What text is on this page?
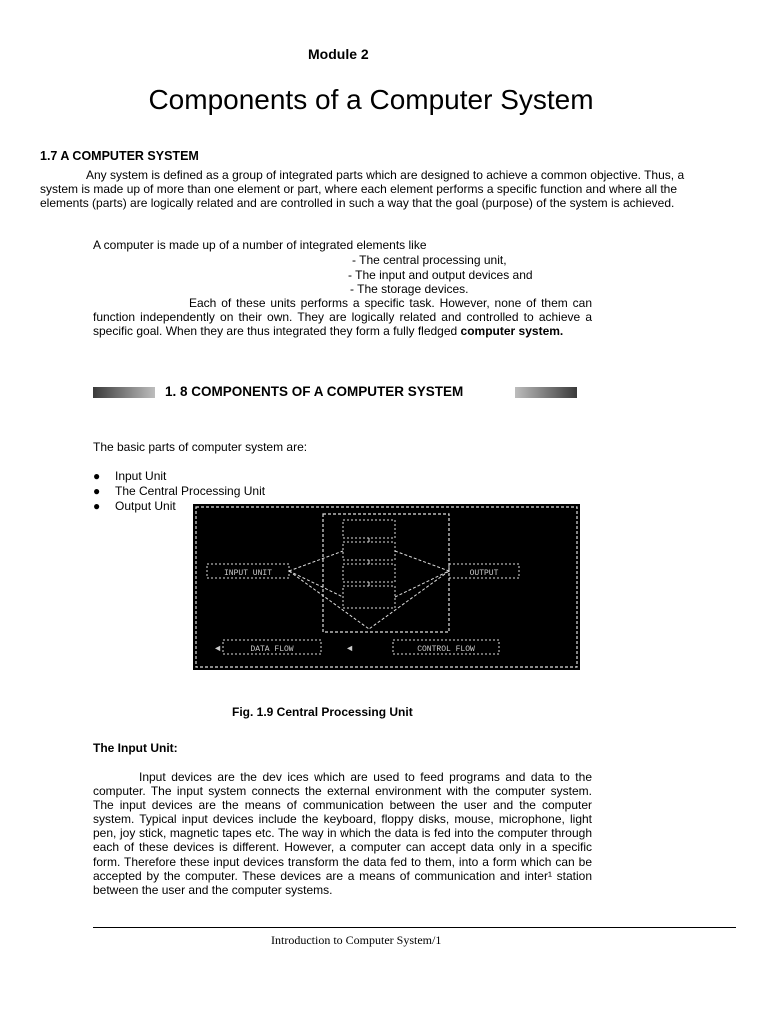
Module 2
Components of a Computer System
1.7 A COMPUTER SYSTEM

Any system is defined as a group of integrated parts which are designed to achieve a common objective. Thus, a system is made up of more than one element or part, where each element performs a specific function and where all the elements (parts) are logically related and are controlled in such a way that the goal (purpose) of the system is achieved.

A computer is made up of a number of integrated elements like
- The central processing unit,
- The input and output devices and
- The storage devices.

Each of these units performs a specific task. However, none of them can function independently on their own. They are logically related and controlled to achieve a specific goal. When they are thus integrated they form a fully fledged computer system.

1. 8 COMPONENTS OF A COMPUTER SYSTEM
The basic parts of computer system are:
● Input Unit
● The Central Processing Unit
● Output Unit
INPUT UNIT	OUTPUT
◄	DATA FLOW	◄	CONTROL FLOW
Fig. 1.9 Central Processing Unit
The Input Unit:

Input devices are the dev ices which are used to feed programs and data to the computer. The input system connects the external environment with the computer system. The input devices are the means of communication between the user and the computer system. Typical input devices include the keyboard, floppy disks, mouse, microphone, light pen, joy stick, magnetic tapes etc. The way in which the data is fed into the computer through each of these devices is different. However, a computer can accept data only in a specific form. Therefore these input devices transform the data fed to them, into a form which can be accepted by the computer. These devices are a means of communication and inter¹ station between the user and the computer systems.

Introduction to Computer System/1
